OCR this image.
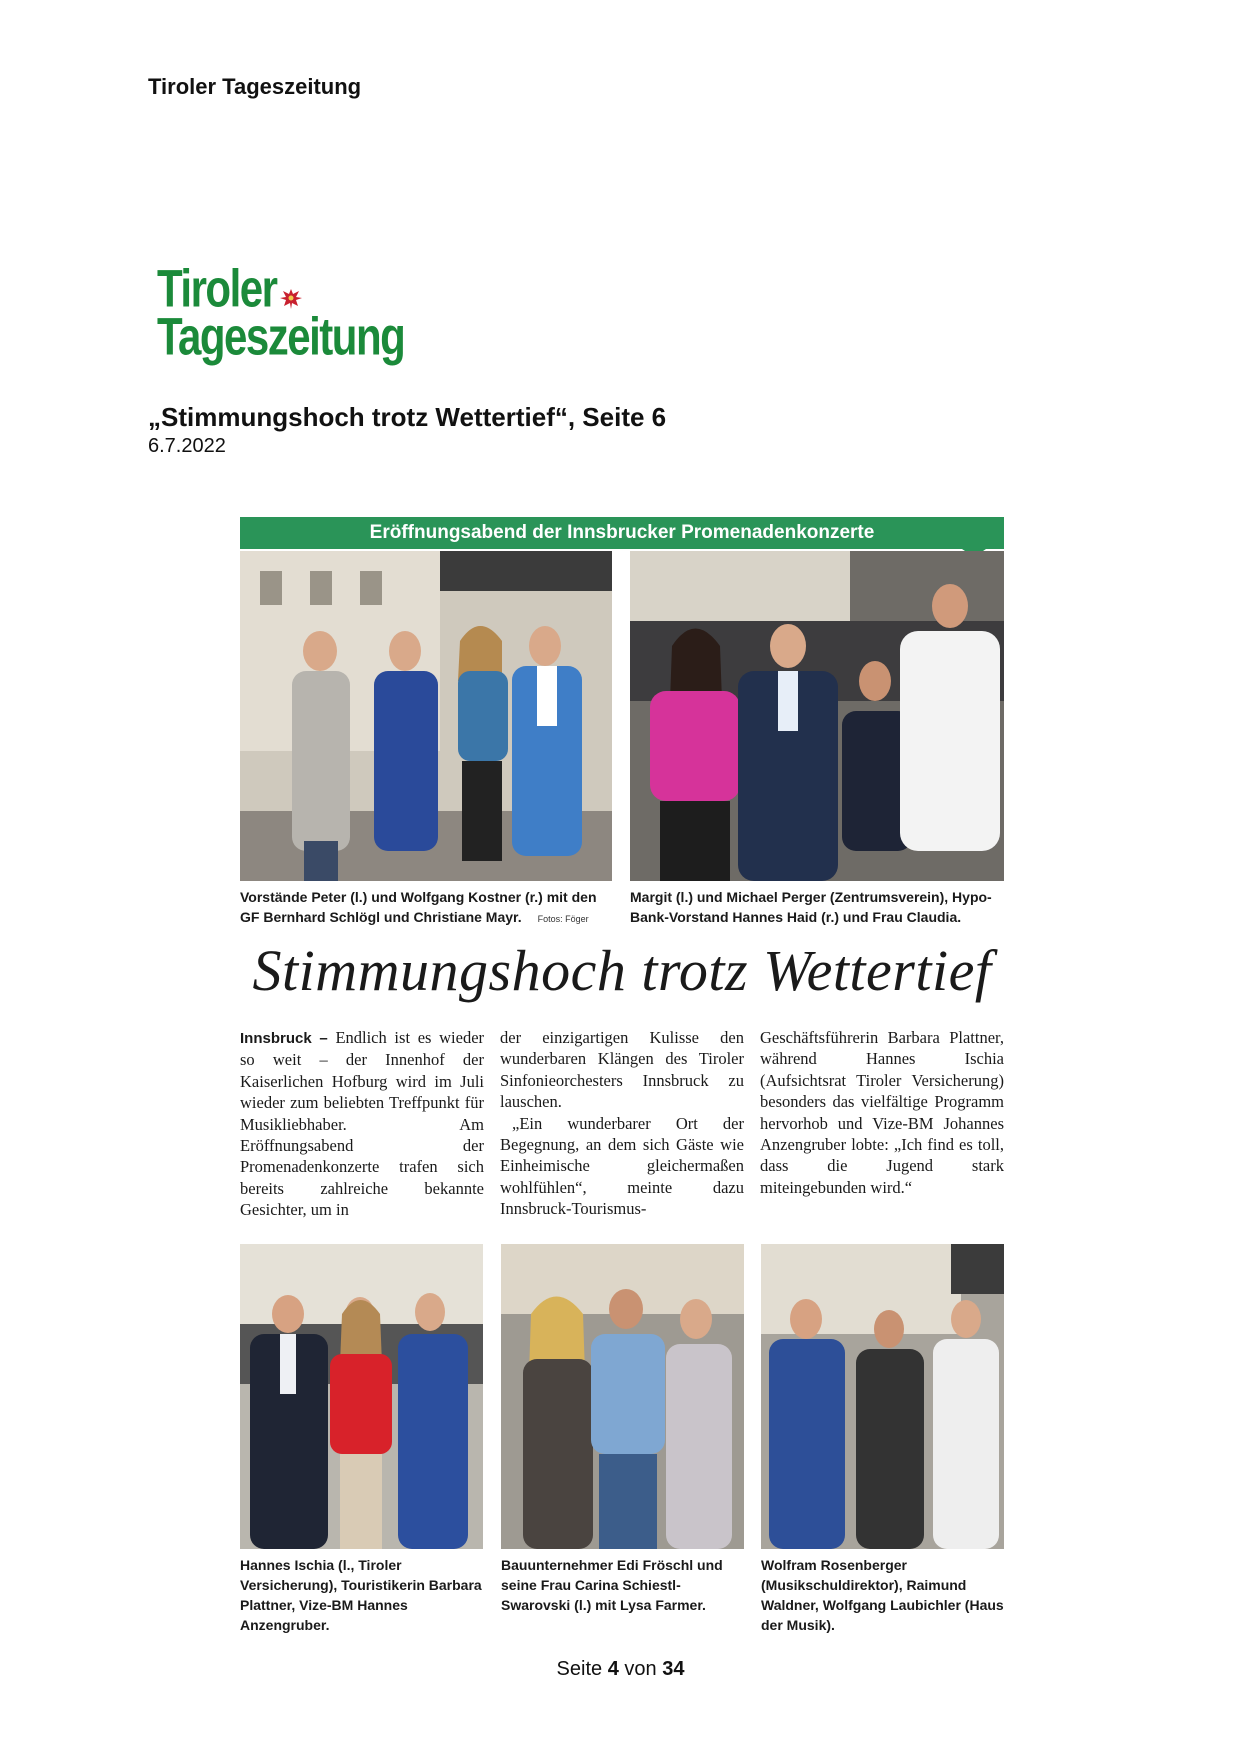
Tiroler Tageszeitung
TirolerTageszeitung
„Stimmungshoch trotz Wettertief“, Seite 6
6.7.2022
Eröffnungsabend der Innsbrucker Promenadenkonzerte
Vorstände Peter (l.) und Wolfgang Kostner (r.) mit den GF Bernhard Schlögl und Christiane Mayr. Fotos: Föger
Margit (l.) und Michael Perger (Zentrumsverein), Hypo-Bank-Vorstand Hannes Haid (r.) und Frau Claudia.
Stimmungshoch trotz Wettertief

Innsbruck – Endlich ist es wieder so weit – der Innenhof der Kaiserlichen Hofburg wird im Juli wieder zum beliebten Treffpunkt für Musikliebhaber. Am Eröffnungsabend der Promenadenkonzerte trafen sich bereits zahlreiche bekannte Gesichter, um in

der einzigartigen Kulisse den wunderbaren Klängen des Tiroler Sinfonieorchesters Innsbruck zu lauschen.

„Ein wunderbarer Ort der Begegnung, an dem sich Gäste wie Einheimische gleichermaßen wohlfühlen“, meinte dazu Innsbruck-Tourismus-

Geschäftsführerin Barbara Plattner, während Hannes Ischia (Aufsichtsrat Tiroler Versicherung) besonders das vielfältige Programm hervorhob und Vize-BM Johannes Anzengruber lobte: „Ich find es toll, dass die Jugend stark miteingebunden wird.“

Hannes Ischia (l., Tiroler Versicherung), Touristikerin Barbara Plattner, Vize-BM Hannes Anzengruber.
Bauunternehmer Edi Fröschl und seine Frau Carina Schiestl-Swarovski (l.) mit Lysa Farmer.
Wolfram Rosenberger (Musikschuldirektor), Raimund Waldner, Wolfgang Laubichler (Haus der Musik).
Seite 4 von 34
